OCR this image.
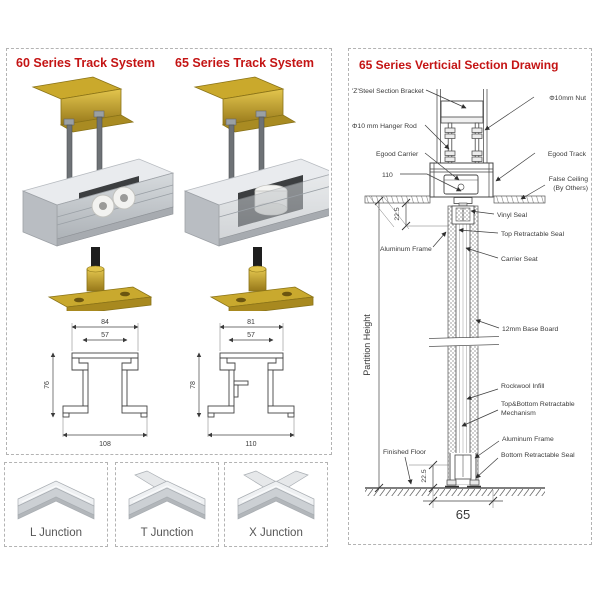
60 Series Track System 65 Series Track System
84
57
76
108
81
57
78
110
L Junction	T Junction	X Junction
65 Series Verticial Section Drawing
Partition Height
22.5
22.5
65
'Z'Steel Section Bracket
Φ10mm Nut
Φ10 mm Hanger Rod
Egood Carrier	Egood Track
110
False Ceiling
(By Others)
Vinyl Seal
Top Retractable Seal
Aluminum Frame
Carrier Seat
12mm Base Board
Rockwool Infill
Top&Bottom Retractable
Mechanism
Aluminum Frame
Bottom Retractable Seal
Finished Floor
